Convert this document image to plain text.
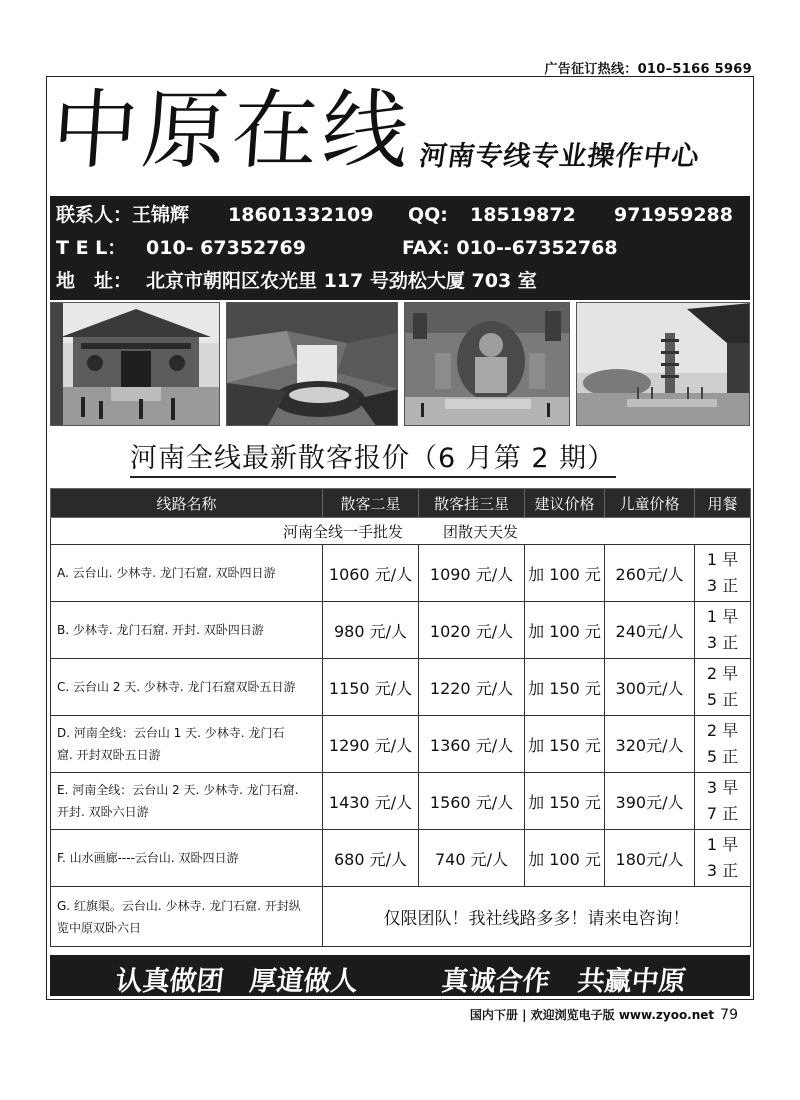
广告征订热线：010–5166 5969
中原在线 河南专线专业操作中心
联系人：王锦辉 18601332109 QQ: 18519872 971959288
T E L： 010- 67352769	FAX: 010--67352768
地　址： 北京市朝阳区农光里 117 号劲松大厦 703 室
河南全线最新散客报价（6 月第 2 期）
线路名称	散客二星	散客挂三星	建议价格	儿童价格	用餐
河南全线一手批发 团散天天发					
A. 云台山. 少林寺. 龙门石窟. 双卧四日游	1060 元/人	1090 元/人	加 100 元	260元/人	1 早
3 正
B. 少林寺. 龙门石窟. 开封. 双卧四日游	980 元/人	1020 元/人	加 100 元	240元/人	1 早
3 正
C. 云台山 2 天. 少林寺. 龙门石窟双卧五日游	1150 元/人	1220 元/人	加 150 元	300元/人	2 早
5 正
D. 河南全线：云台山 1 天. 少林寺. 龙门石
窟. 开封双卧五日游	1290 元/人	1360 元/人	加 150 元	320元/人	2 早
5 正
E. 河南全线：云台山 2 天. 少林寺. 龙门石窟.
开封. 双卧六日游	1430 元/人	1560 元/人	加 150 元	390元/人	3 早
7 正
F. 山水画廊----云台山. 双卧四日游	680 元/人	740 元/人	加 100 元	180元/人	1 早
3 正
G. 红旗渠。云台山. 少林寺. 龙门石窟. 开封纵
览中原双卧六日	仅限团队！我社线路多多！请来电咨询！				
认真做团 厚道做人	真诚合作 共赢中原
国内下册 | 欢迎浏览电子版 www.zyoo.net 79
